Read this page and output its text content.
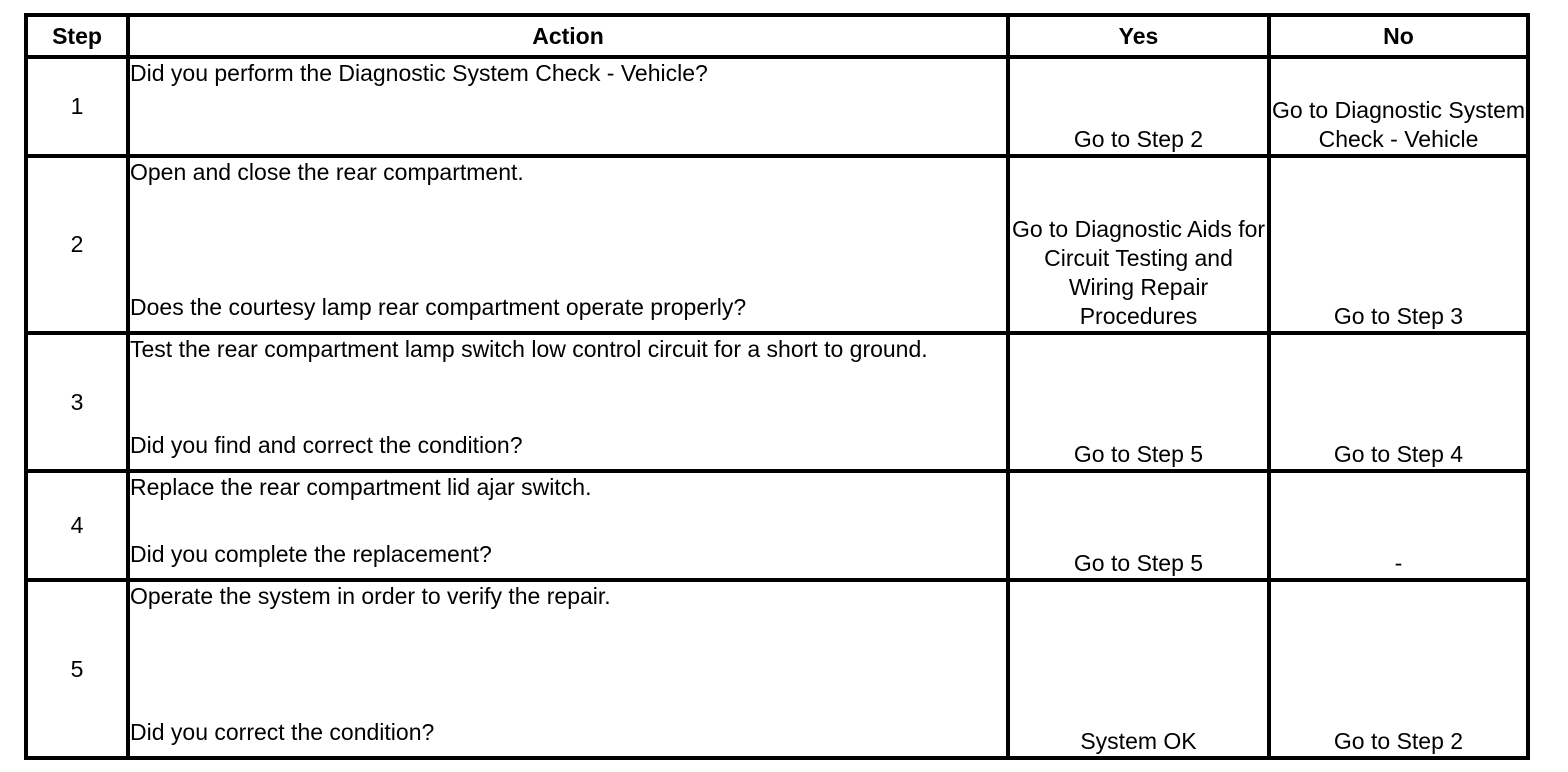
Step	Action	Yes	No
1	Did you perform the Diagnostic System Check - Vehicle?	Go to Step 2	Go to Diagnostic System Check - Vehicle
2	Open and close the rear compartment.
Does the courtesy lamp rear compartment operate properly?	Go to Diagnostic Aids for Circuit Testing and Wiring Repair Procedures	Go to Step 3
3	Test the rear compartment lamp switch low control circuit for a short to ground.
Did you find and correct the condition?	Go to Step 5	Go to Step 4
4	Replace the rear compartment lid ajar switch.
Did you complete the replacement?	Go to Step 5	-
5	Operate the system in order to verify the repair.
Did you correct the condition?	System OK	Go to Step 2
